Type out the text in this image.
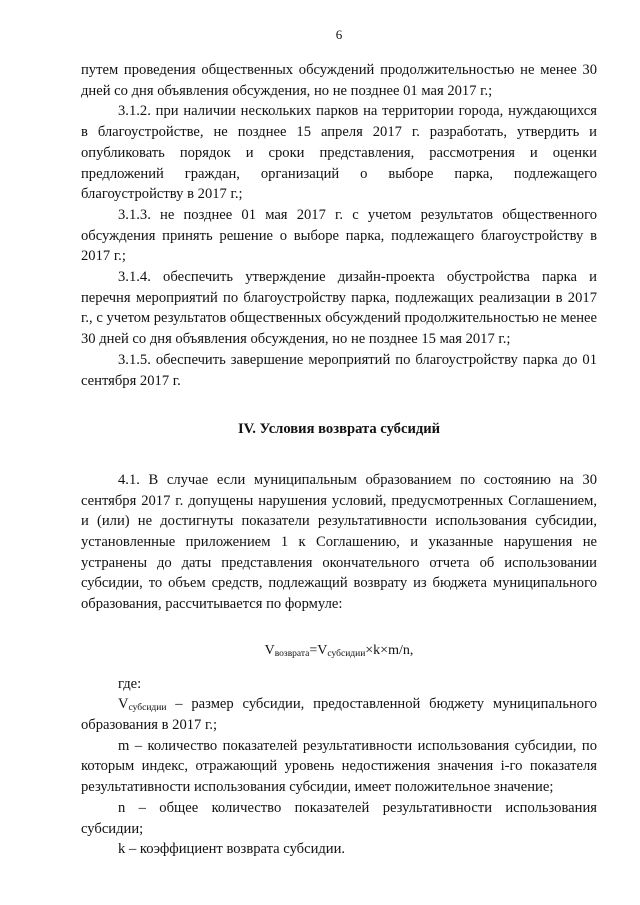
6

путем проведения общественных обсуждений продолжительностью не менее 30 дней со дня объявления обсуждения, но не позднее 01 мая 2017 г.;

3.1.2. при наличии нескольких парков на территории города, нуждающихся в благоустройстве, не позднее 15 апреля 2017 г. разработать, утвердить и опубликовать порядок и сроки представления, рассмотрения и оценки предложений граждан, организаций о выборе парка, подлежащего благоустройству в 2017 г.;

3.1.3. не позднее 01 мая 2017 г. с учетом результатов общественного обсуждения принять решение о выборе парка, подлежащего благоустройству в 2017 г.;

3.1.4. обеспечить утверждение дизайн-проекта обустройства парка и перечня мероприятий по благоустройству парка, подлежащих реализации в 2017 г., с учетом результатов общественных обсуждений продолжительностью не менее 30 дней со дня объявления обсуждения, но не позднее 15 мая 2017 г.;

3.1.5. обеспечить завершение мероприятий по благоустройству парка до 01 сентября 2017 г.

IV. Условия возврата субсидий

4.1. В случае если муниципальным образованием по состоянию на 30 сентября 2017 г. допущены нарушения условий, предусмотренных Соглашением, и (или) не достигнуты показатели результативности использования субсидии, установленные приложением 1 к Соглашению, и указанные нарушения не устранены до даты представления окончательного отчета об использовании субсидии, то объем средств, подлежащий возврату из бюджета муниципального образования, рассчитывается по формуле:

$V_{возврата}=V_{субсидии}\times k\times m/n$,

где:

$V_{субсидии}$ – размер субсидии, предоставленной бюджету муниципального образования в 2017 г.;

m – количество показателей результативности использования субсидии, по которым индекс, отражающий уровень недостижения значения i-го показателя результативности использования субсидии, имеет положительное значение;

n – общее количество показателей результативности использования субсидии;

k – коэффициент возврата субсидии.
